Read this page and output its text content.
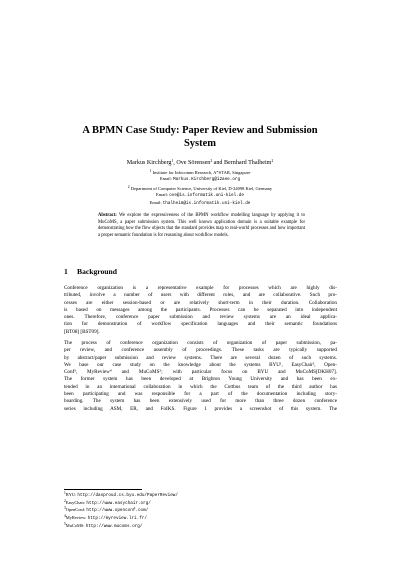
A BPMN Case Study: Paper Review and Submission
System
Markus Kirchberg$^1$, Ove Sörensen$^2$ and Bernhard Thalheim$^2$
$^1$ Institute for Infocomm Research, A*STAR, Singapore
Email: Markus.Kirchberg@i2aee.org
$^2$ Department of Computer Science, University of Kiel, D-24098 Kiel, Germany
Email: ove@is.informatik.uni-kiel.de
Email: thalheim@is.informatik.uni-kiel.de

Abstract: We explore the expressiveness of the BPMN workflow modelling language by applying it to MuCoMS, a paper submission system. This well known application domain is a suitable example for demonstrating how the flow objects that the standard provides map to real-world processes and how important a proper semantic foundation is for reasoning about workflow models.

1 Background

Conference organization is a representative example for processes which are highly dis-
tributed, involve a number of users with different roles, and are collaborative. Such pro-
cesses are either session-based or are relatively short-term in their duration. Collaboration
is based on messages among the participants. Processes can be separated into independent
ones. Therefore, conference paper submission and review systems are an ideal applica-
tion for demonstration of workflow specification languages and their semantic foundations
[BT08] [BST09].

The process of conference organization consists of organization of paper submission, pa-
per review, and conference assembly of proceedings. These tasks are typically supported
by abstract/paper submission and review systems. There are several dozen of such systems.
We base our case study on the knowledge about the systems BYU¹, EasyChair², Open-
Conf³, MyReview⁴ and MuCoMS⁵; with particular focus on BYU and MuCoMS[DKH07].
The former system has been developed at Brighton Young University and has been ex-
tended in an international collaboration in which the Cottbus team of the third author has
been participating and was responsible for a part of the documentation including story-
boarding. The system has been extensively used for more than three dozen conference
series including ASM, ER, and FoIKS. Figure 1 provides a screenshot of this system. The

$^1$BYU: http://dasproud.cs.byu.edu/PaperReview/
$^2$EasyChair: http://www.easychair.org/
$^3$OpenConf: http://www.openconf.com/
$^4$MyReview: http://myreview.lri.fr/
$^5$MuCoMS: http://www.mucoms.org/
